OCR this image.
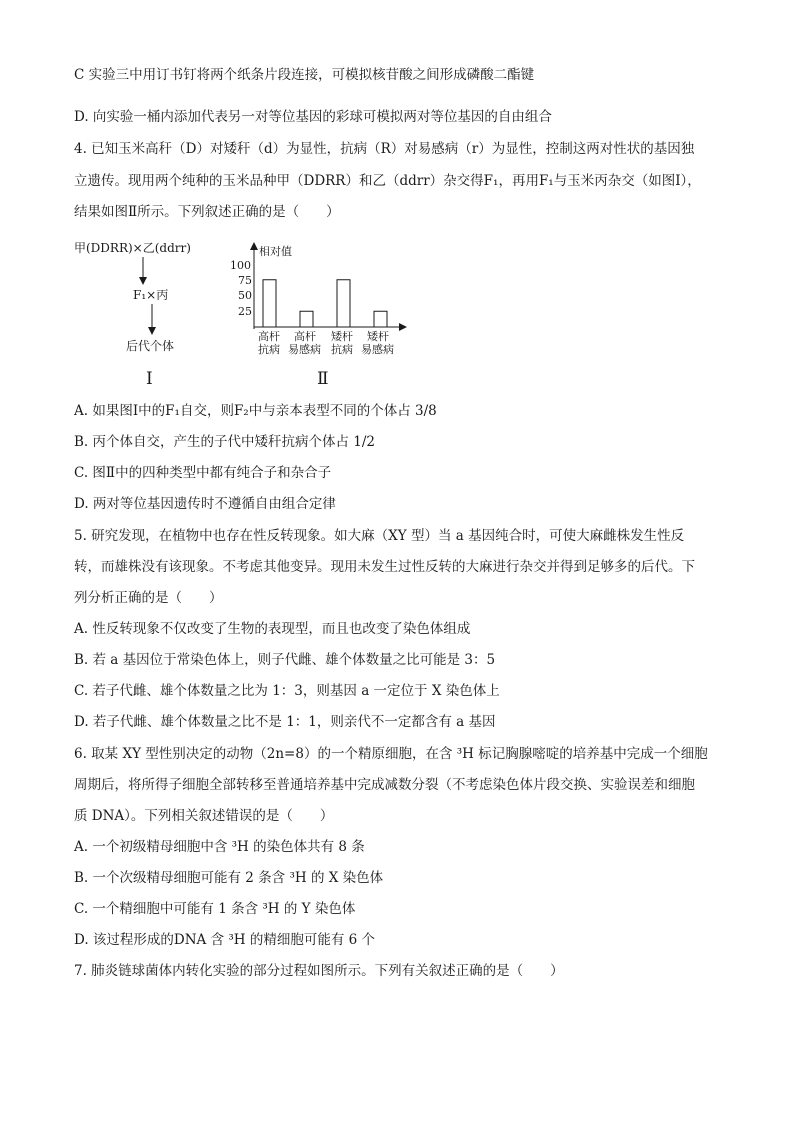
C 实验三中用订书钉将两个纸条片段连接，可模拟核苷酸之间形成磷酸二酯键
D. 向实验一桶内添加代表另一对等位基因的彩球可模拟两对等位基因的自由组合
4. 已知玉米高秆（D）对矮秆（d）为显性，抗病（R）对易感病（r）为显性，控制这两对性状的基因独
立遗传。现用两个纯种的玉米品种甲（DDRR）和乙（ddrr）杂交得F₁，再用F₁与玉米丙杂交（如图Ⅰ），
结果如图Ⅱ所示。下列叙述正确的是（　　）
甲(DDRR)×乙(ddrr)
F₁×丙
后代个体
Ⅰ
相对值
100
75
50
25
高杆
抗病
高杆
易感病
矮杆
抗病
矮杆
易感病
Ⅱ
A. 如果图Ⅰ中的F₁自交，则F₂中与亲本表型不同的个体占 3/8
B. 丙个体自交，产生的子代中矮秆抗病个体占 1/2
C. 图Ⅱ中的四种类型中都有纯合子和杂合子
D. 两对等位基因遗传时不遵循自由组合定律
5. 研究发现，在植物中也存在性反转现象。如大麻（XY 型）当 a 基因纯合时，可使大麻雌株发生性反
转，而雄株没有该现象。不考虑其他变异。现用未发生过性反转的大麻进行杂交并得到足够多的后代。下
列分析正确的是（　　）
A. 性反转现象不仅改变了生物的表现型，而且也改变了染色体组成
B. 若 a 基因位于常染色体上，则子代雌、雄个体数量之比可能是 3：5
C. 若子代雌、雄个体数量之比为 1：3，则基因 a 一定位于 X 染色体上
D. 若子代雌、雄个体数量之比不是 1：1，则亲代不一定都含有 a 基因
6. 取某 XY 型性别决定的动物（2n=8）的一个精原细胞，在含 ³H 标记胸腺嘧啶的培养基中完成一个细胞
周期后，将所得子细胞全部转移至普通培养基中完成减数分裂（不考虑染色体片段交换、实验误差和细胞
质 DNA）。下列相关叙述错误的是（　　）
A. 一个初级精母细胞中含 ³H 的染色体共有 8 条
B. 一个次级精母细胞可能有 2 条含 ³H 的 X 染色体
C. 一个精细胞中可能有 1 条含 ³H 的 Y 染色体
D. 该过程形成的DNA 含 ³H 的精细胞可能有 6 个
7. 肺炎链球菌体内转化实验的部分过程如图所示。下列有关叙述正确的是（　　）
